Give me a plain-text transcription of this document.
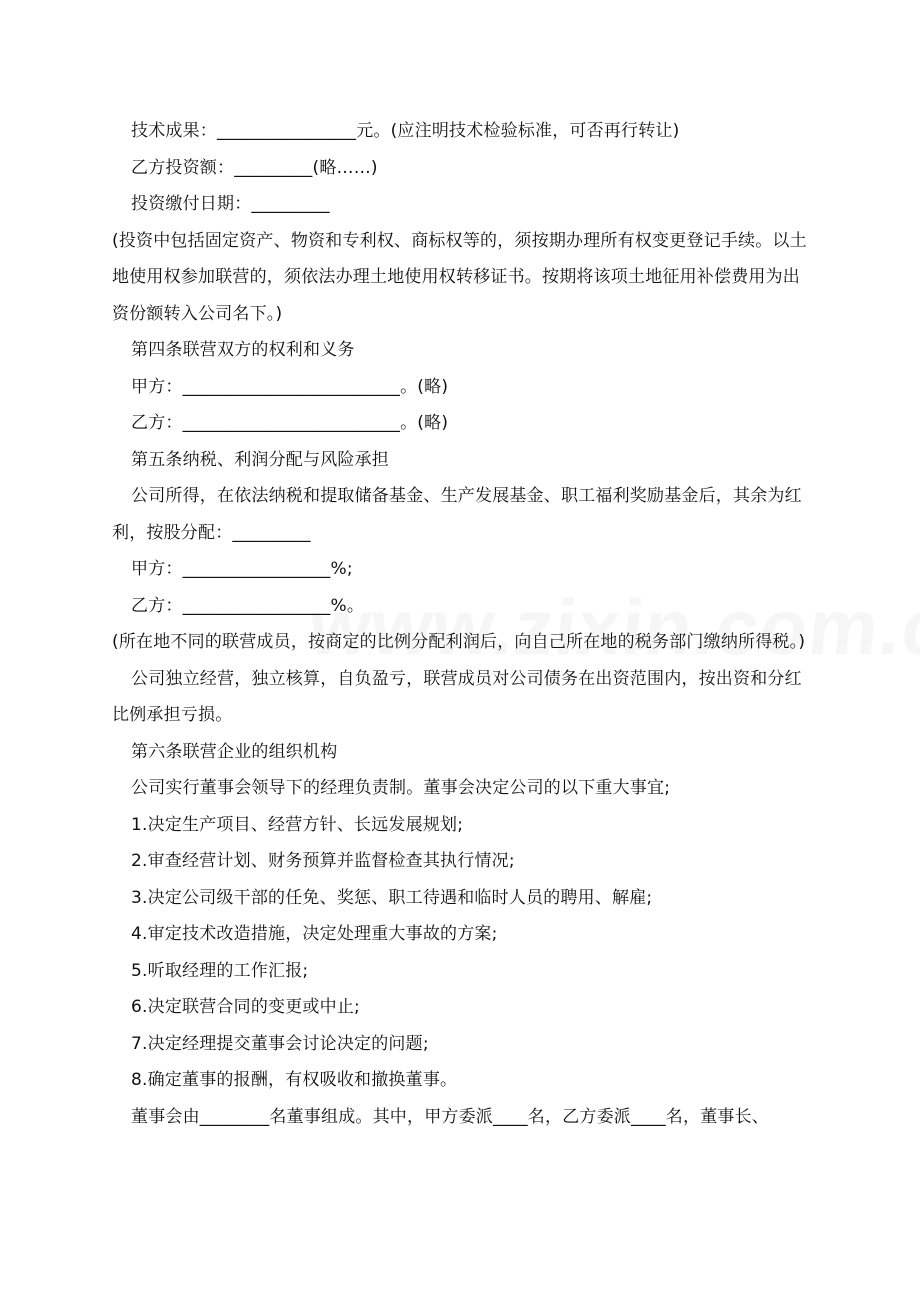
技术成果：________________元。(应注明技术检验标准，可否再行转让)

乙方投资额：_________(略……)

投资缴付日期：_________

(投资中包括固定资产、物资和专利权、商标权等的，须按期办理所有权变更登记手续。以土地使用权参加联营的，须依法办理土地使用权转移证书。按期将该项土地征用补偿费用为出资份额转入公司名下。)

第四条联营双方的权利和义务

甲方：_________________________。(略)

乙方：_________________________。(略)

第五条纳税、利润分配与风险承担

公司所得，在依法纳税和提取储备基金、生产发展基金、职工福利奖励基金后，其余为红利，按股分配：_________

甲方：_________________%;

乙方：_________________%。

(所在地不同的联营成员，按商定的比例分配利润后，向自己所在地的税务部门缴纳所得税。)

公司独立经营，独立核算，自负盈亏，联营成员对公司债务在出资范围内，按出资和分红比例承担亏损。

第六条联营企业的组织机构

公司实行董事会领导下的经理负责制。董事会决定公司的以下重大事宜;

1.决定生产项目、经营方针、长远发展规划;

2.审查经营计划、财务预算并监督检查其执行情况;

3.决定公司级干部的任免、奖惩、职工待遇和临时人员的聘用、解雇;

4.审定技术改造措施，决定处理重大事故的方案;

5.听取经理的工作汇报;

6.决定联营合同的变更或中止;

7.决定经理提交董事会讨论决定的问题;

8.确定董事的报酬，有权吸收和撤换董事。

董事会由________名董事组成。其中，甲方委派____名，乙方委派____名，董事长、
